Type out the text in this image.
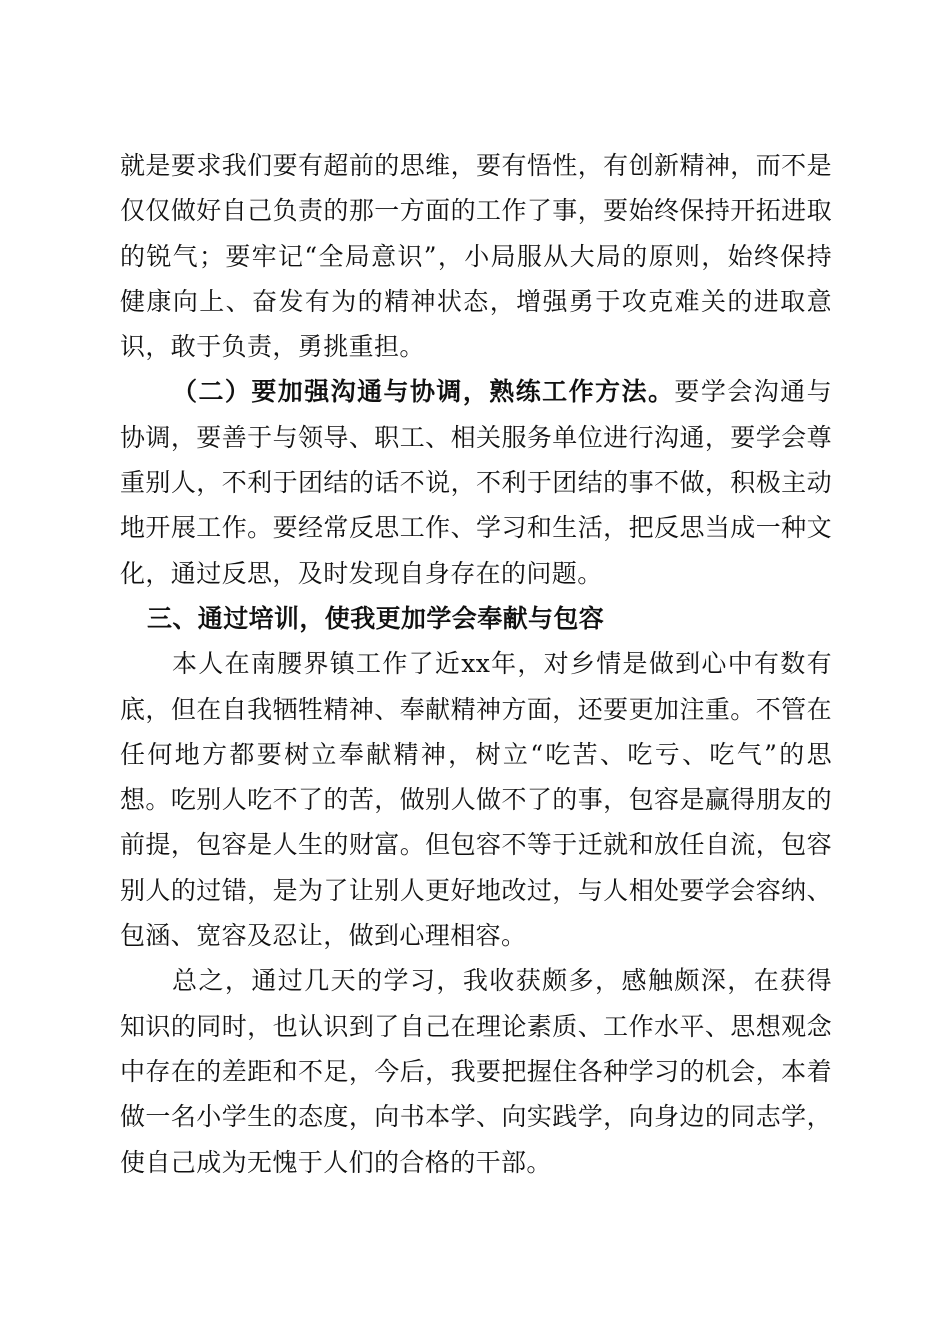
就是要求我们要有超前的思维，要有悟性，有创新精神，而不是仅仅做好自己负责的那一方面的工作了事，要始终保持开拓进取的锐气；要牢记“全局意识”，小局服从大局的原则，始终保持健康向上、奋发有为的精神状态，增强勇于攻克难关的进取意识，敢于负责，勇挑重担。

（二）要加强沟通与协调，熟练工作方法。要学会沟通与协调，要善于与领导、职工、相关服务单位进行沟通，要学会尊重别人，不利于团结的话不说，不利于团结的事不做，积极主动地开展工作。要经常反思工作、学习和生活，把反思当成一种文化，通过反思，及时发现自身存在的问题。

三、通过培训，使我更加学会奉献与包容

本人在南腰界镇工作了近xx年，对乡情是做到心中有数有底，但在自我牺牲精神、奉献精神方面，还要更加注重。不管在任何地方都要树立奉献精神，树立“吃苦、吃亏、吃气”的思想。吃别人吃不了的苦，做别人做不了的事，包容是赢得朋友的前提，包容是人生的财富。但包容不等于迁就和放任自流，包容别人的过错，是为了让别人更好地改过，与人相处要学会容纳、包涵、宽容及忍让，做到心理相容。

总之，通过几天的学习，我收获颇多，感触颇深，在获得知识的同时，也认识到了自己在理论素质、工作水平、思想观念中存在的差距和不足，今后，我要把握住各种学习的机会，本着做一名小学生的态度，向书本学、向实践学，向身边的同志学，使自己成为无愧于人们的合格的干部。
